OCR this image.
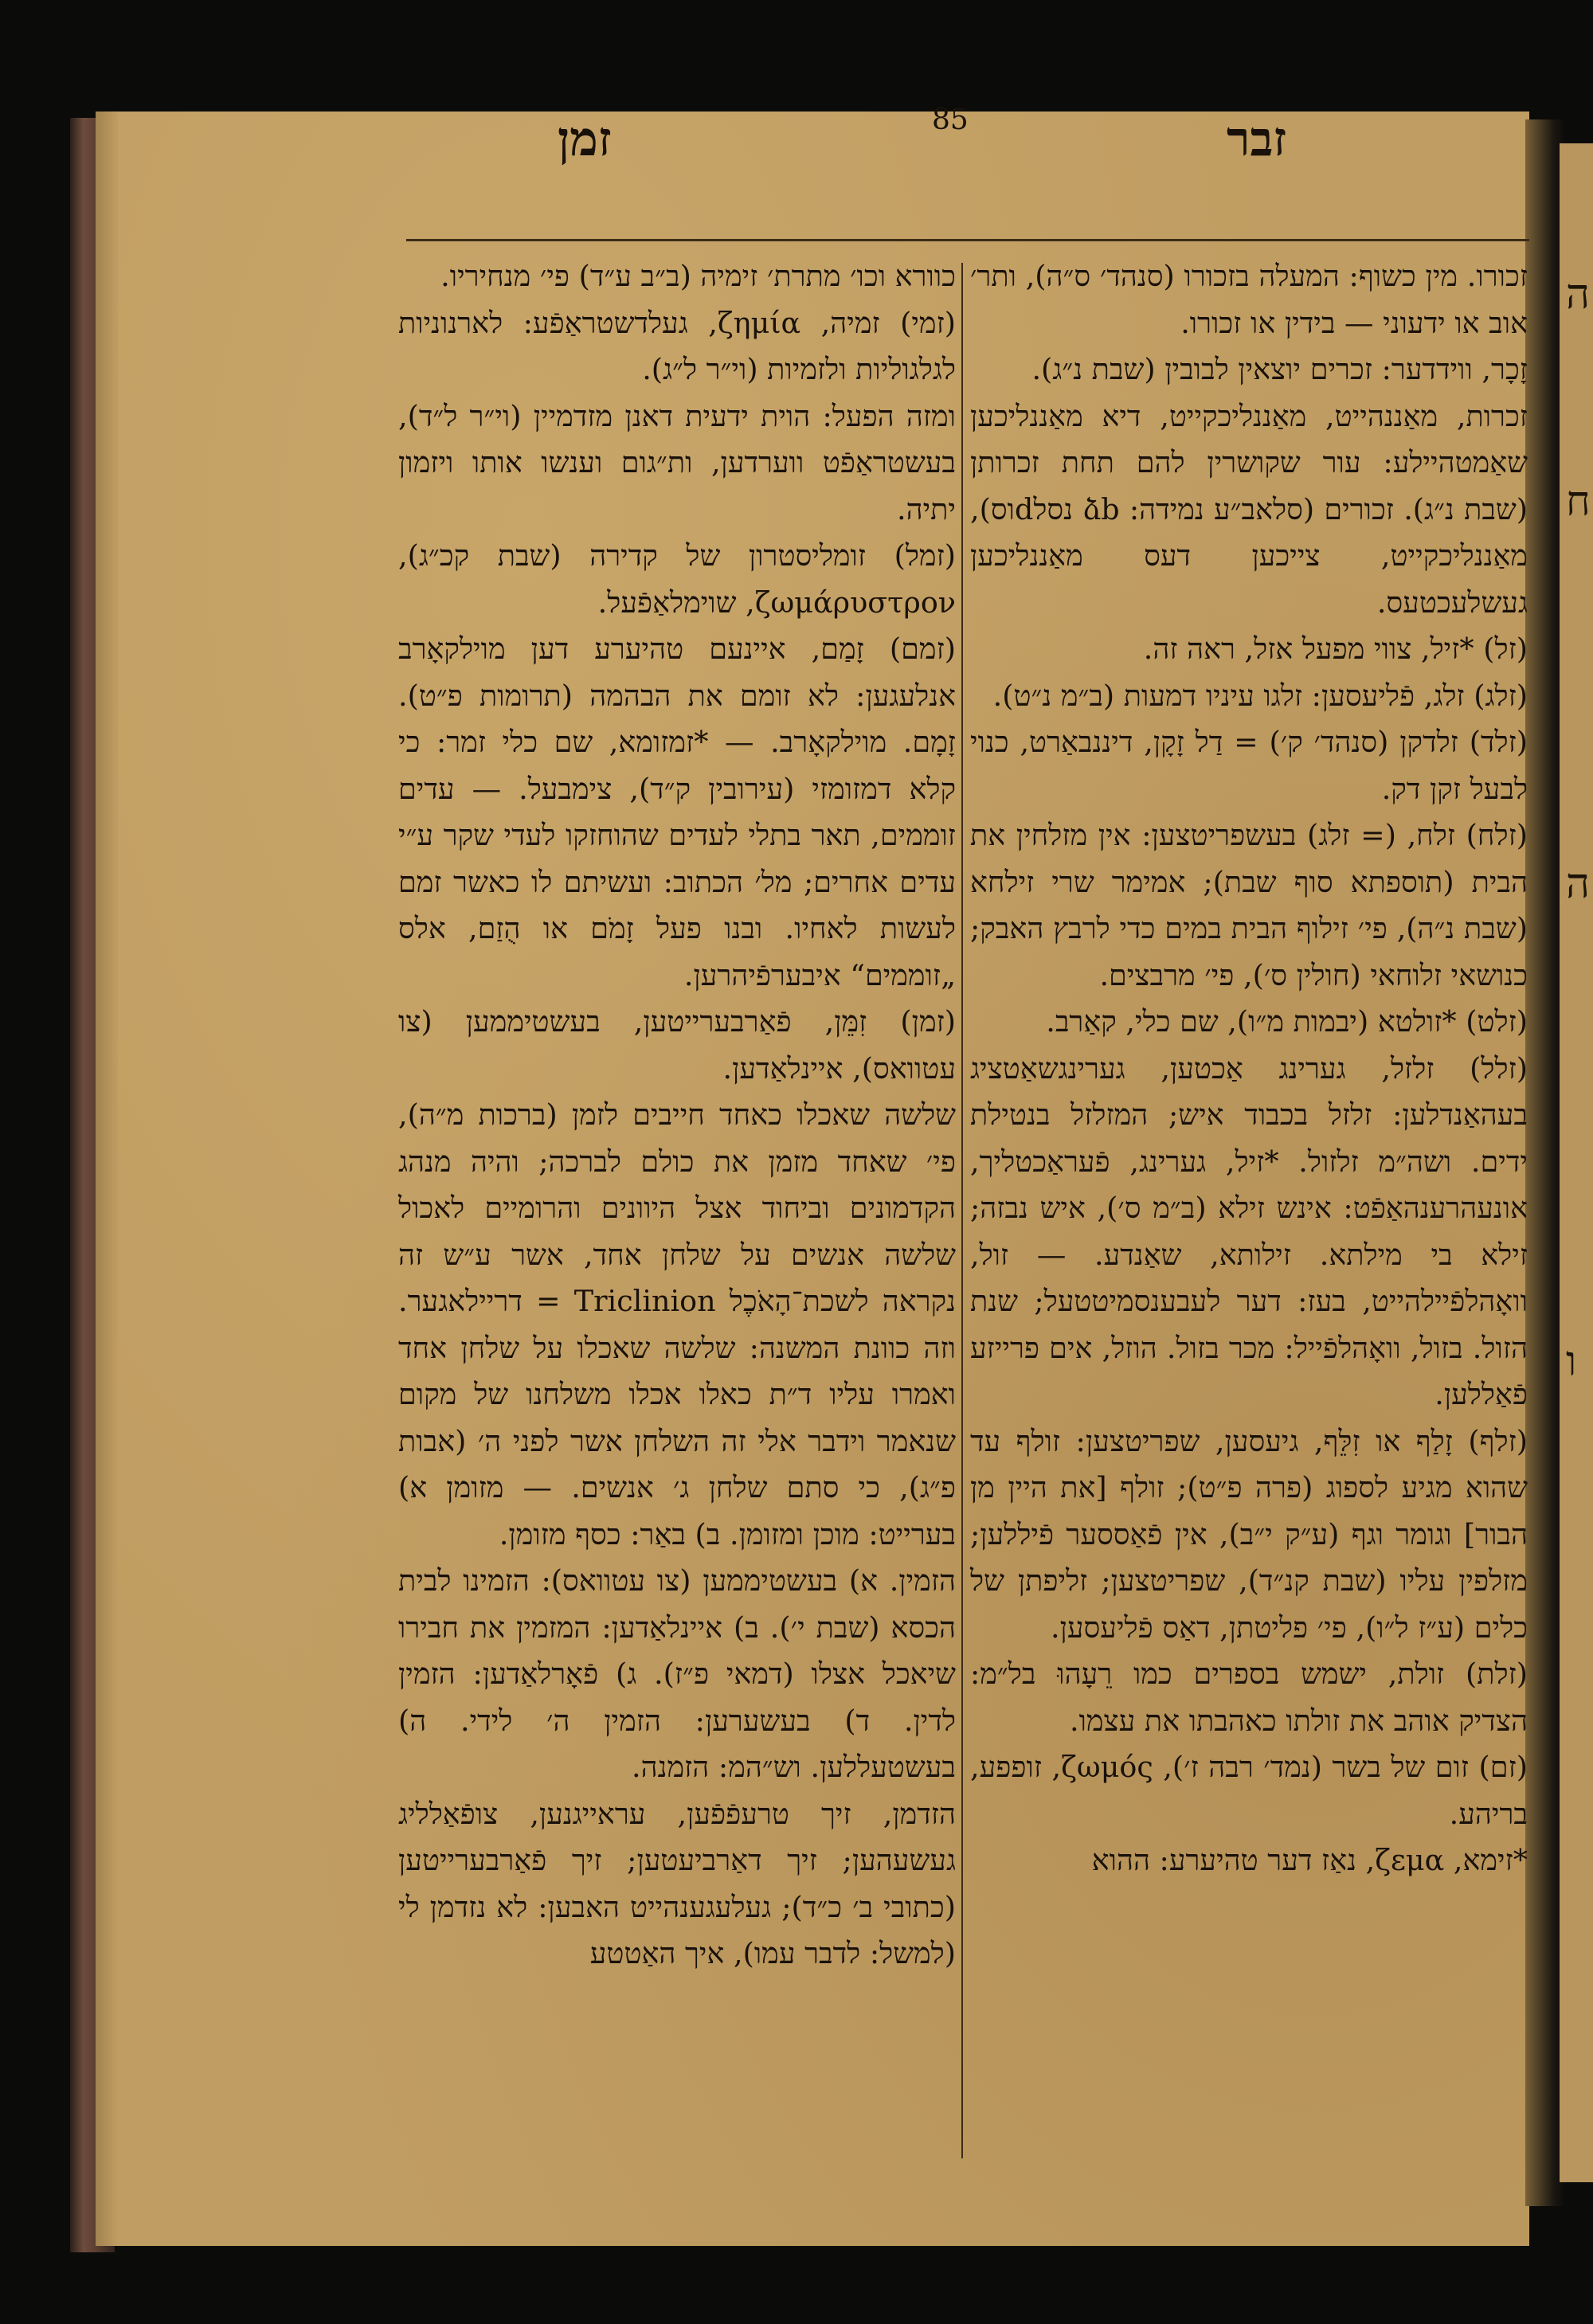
ה
ח
ה
ו
זמן	85	זבר

זכורו. מין כשוף: המעלה בזכורו (סנהד׳ ס״ה), ותר׳ אוב או ידעוני — בידין או זכורו.

זָכָר, ווידדער: זכרים יוצאין לבובין (שבת נ״ג).

זכרות, מאַננהייט, מאַננליכקייט, דיא מאַננליכען שאַמטהיילע: עור שקושרין להם תחת זכרותן (שבת נ״ג). זכורים (סלאב״ע נמידה: ձb נסלdוס), מאַננליכקייט, צייכען דעס מאַננליכען געשלעכטעס.

(זל) *זיל, צווי מפעל אזל, ראה זה.

(זלג) זלג, פֿליעסען: זלגו עיניו דמעות (ב״מ נ״ט).

(זלד) זלדקן (סנהד׳ ק׳) = דַל זָקָן, דיננבאַרט, כנוי לבעל זקן דק.

(זלח) זלח, (= זלג) בעשפריטצען: אין מזלחין את הבית (תוספתא סוף שבת); אמימר שרי זילחא (שבת נ״ה), פי׳ זילוף הבית במים כדי לרבץ האבק; כנושאי זלוחאי (חולין ס׳), פי׳ מרבצים.

(זלט) *זולטא (יבמות מ״ו), שם כלי, קאַרב.

(זלל) זלזל, גערינג אַכטען, גערינגשאַטציג בעהאַנדלען: זלזל בכבוד איש; המזלזל בנטילת ידים. ושה״מ זלזול. *זיל, גערינג, פֿעראַכטליך, אונעהרענהאַפֿט: אינש זילא (ב״מ ס׳), איש נבזה; זילא בי מילתא. זילותא, שאַנדע. — זול, וואָהלפֿיילהייט, בעז: דער לעבענסמיטטעל; שנת הזול. בזול, וואָהלפֿייל: מכר בזול. הוזל, אים פרייזע פֿאַללען.

(זלף) זָלַף או זִלֵּף, גיעסען, שפריטצען: זולף עד שהוא מגיע לספוג (פרה פ״ט); זולף [את היין מן הבור] וגומר וגף (ע״ק י״ב), אין פֿאַססער פֿיללען; מזלפין עליו (שבת קנ״ד), שפריטצען; זליפתן של כלים (ע״ז ל״ו), פי׳ פליטתן, דאַס פֿליעסען.

(זלת) זולת, ישמש בספרים כמו רֵעָהוּ בל״מ: הצדיק אוהב את זולתו כאהבתו את עצמו.

(זם) זום של בשר (נמד׳ רבה ז׳), ζωμός, זופפע, בריהע.

*זימא, ζεμα, נאַז דער טהיערע: ההוא

כוורא וכו׳ מתרת׳ זימיה (ב״ב ע״ד) פי׳ מנחיריו.

(זמי) זמיה, ζημία, געלדשטראַפֿע: לארנוניות לגלגוליות ולזמיות (וי״ר ל״ג).

ומזה הפעל: הוית ידעית דאנן מזדמיין (וי״ר ל״ד), בעשטראַפֿט ווערדען, ות״גום וענשו אותו ויזמון יתיה.

(זמל) זומליסטרון של קדירה (שבת קכ״ג), ζωμάρυστρον, שוימלאַפֿעל.

(זמם) זָמַם, איינעם טהיערע דען מוילקאָרב אנלעגען: לא זומם את הבהמה (תרומות פ״ט). זָמָם. מוילקאָרב. — *זמזומא, שם כלי זמר: כי קלא דמזומזי (עירובין ק״ד), צימבעל. — עדים זוממים, תאר בתלי לעדים שהוחזקו לעדי שקר ע״י עדים אחרים; מל׳ הכתוב: ועשיתם לו כאשר זמם לעשות לאחיו. ובנו פעל זָמֹם או הֻזַם, אלס „זוממים“ איבערפֿיהרען.

(זמן) זִמֵּן, פֿאַרבערייטען, בעשטיממען (צו עטוואס), איינלאַדען.

שלשה שאכלו כאחד חייבים לזמן (ברכות מ״ה), פי׳ שאחד מזמן את כולם לברכה; והיה מנהג הקדמונים וביחוד אצל היוונים והרומיים לאכול שלשה אנשים על שלחן אחד, אשר ע״ש זה נקראה לשכת־הָאֹכֶל Triclinion = דריילאגער. וזה כוונת המשנה: שלשה שאכלו על שלחן אחד ואמרו עליו ד״ת כאלו אכלו משלחנו של מקום שנאמר וידבר אלי זה השלחן אשר לפני ה׳ (אבות פ״ג), כי סתם שלחן ג׳ אנשים. — מזומן א) בערייט: מוכן ומזומן. ב) באַר: כסף מזומן.

הזמין. א) בעשטיממען (צו עטוואס): הזמינו לבית הכסא (שבת י׳). ב) איינלאַדען: המזמין את חבירו שיאכל אצלו (דמאי פ״ז). ג) פֿאָרלאַדען: הזמין לדין. ד) בעשערען: הזמין ה׳ לידי. ה) בעשטעללען. וש״המ: הזמנה.

הזדמן, זיך טרעפֿפֿען, עראייגנען, צופֿאַלליג געשעהען; זיך דאַרביעטען; זיך פֿאַרבערייטען (כתובי ב׳ כ״ד); געלעגענהייט האבען: לא נזדמן לי (למשל: לדבר עמו), איך האַטטע
